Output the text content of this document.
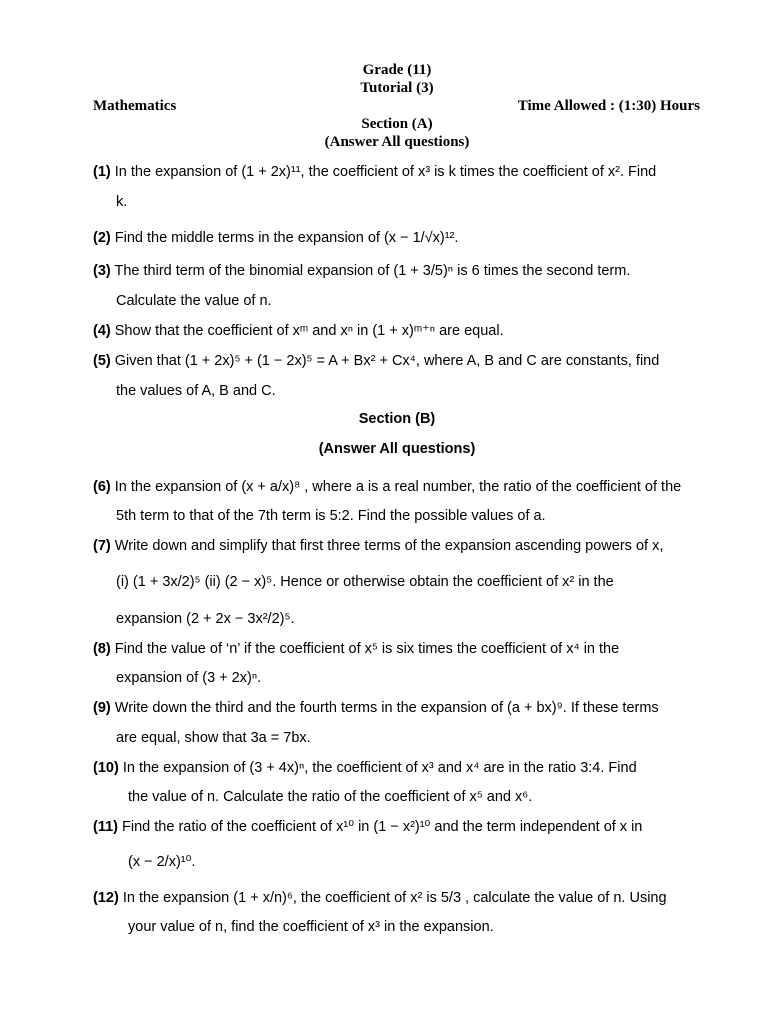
Grade (11)
Tutorial (3)
Mathematics	Time Allowed : (1:30) Hours
Section (A)
(Answer All questions)
(1) In the expansion of (1 + 2x)¹¹, the coefficient of x³ is k times the coefficient of x². Find
k.
(2) Find the middle terms in the expansion of (x − 1/√x)¹².
(3) The third term of the binomial expansion of (1 + 3/5)ⁿ is 6 times the second term.
Calculate the value of n.
(4) Show that the coefficient of xᵐ and xⁿ in (1 + x)ᵐ⁺ⁿ are equal.
(5) Given that (1 + 2x)⁵ + (1 − 2x)⁵ = A + Bx² + Cx⁴, where A, B and C are constants, find
the values of A, B and C.
Section (B)
(Answer All questions)
(6) In the expansion of (x + a/x)⁸ , where a is a real number, the ratio of the coefficient of the
5th term to that of the 7th term is 5:2. Find the possible values of a.
(7) Write down and simplify that first three terms of the expansion ascending powers of x,
(i) (1 + 3x/2)⁵ (ii) (2 − x)⁵. Hence or otherwise obtain the coefficient of x² in the
expansion (2 + 2x − 3x²/2)⁵.
(8) Find the value of ‘n’ if the coefficient of x⁵ is six times the coefficient of x⁴ in the
expansion of (3 + 2x)ⁿ.
(9) Write down the third and the fourth terms in the expansion of (a + bx)⁹. If these terms
are equal, show that 3a = 7bx.
(10) In the expansion of (3 + 4x)ⁿ, the coefficient of x³ and x⁴ are in the ratio 3:4. Find
the value of n. Calculate the ratio of the coefficient of x⁵ and x⁶.
(11) Find the ratio of the coefficient of x¹⁰ in (1 − x²)¹⁰ and the term independent of x in
(x − 2/x)¹⁰.
(12) In the expansion (1 + x/n)⁶, the coefficient of x² is 5/3 , calculate the value of n. Using
your value of n, find the coefficient of x³ in the expansion.
